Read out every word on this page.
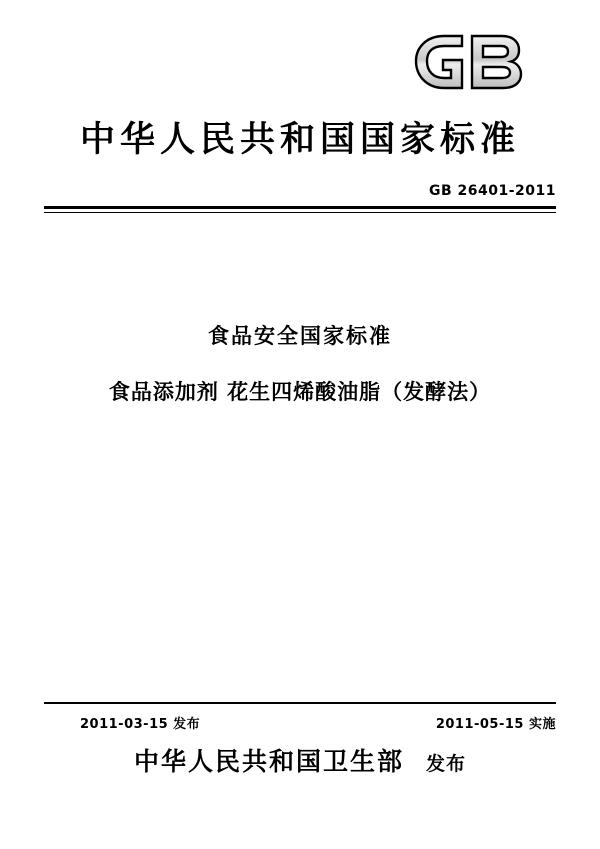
中华人民共和国国家标准
GB 26401-2011
食品安全国家标准
食品添加剂 花生四烯酸油脂（发酵法）
2011-03-15 发布	2011-05-15 实施
中华人民共和国卫生部 发布
